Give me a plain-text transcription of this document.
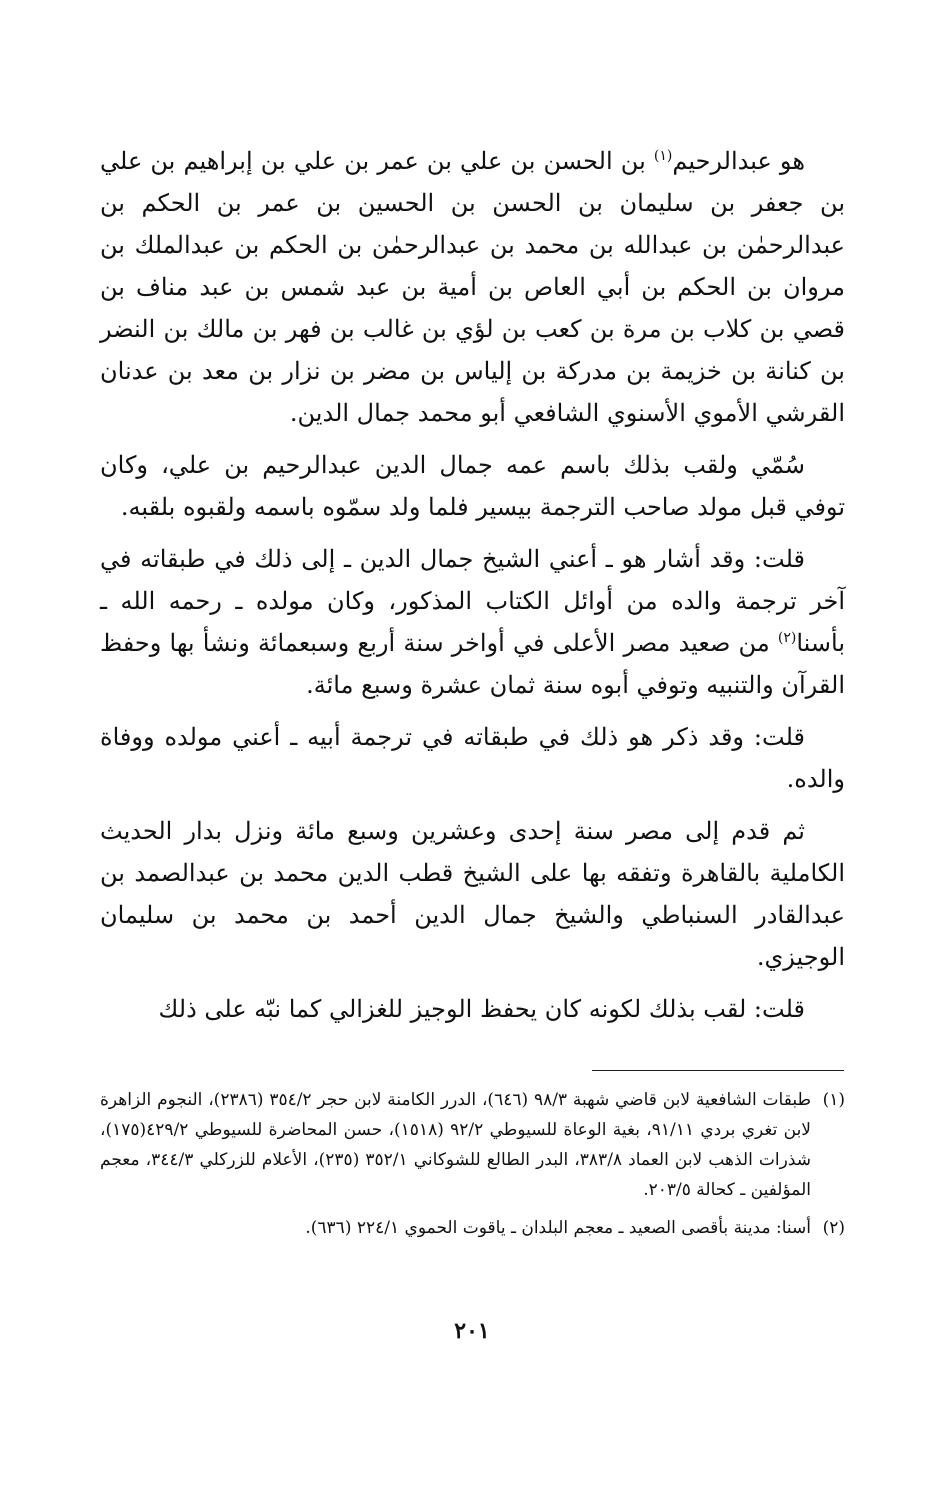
هو عبدالرحيم$^{(١)}$ بن الحسن بن علي بن عمر بن علي بن إبراهيم بن علي بن جعفر بن سليمان بن الحسن بن الحسين بن عمر بن الحكم بن عبدالرحمٰن بن عبدالله بن محمد بن عبدالرحمٰن بن الحكم بن عبدالملك بن مروان بن الحكم بن أبي العاص بن أمية بن عبد شمس بن عبد مناف بن قصي بن كلاب بن مرة بن كعب بن لؤي بن غالب بن فهر بن مالك بن النضر بن كنانة بن خزيمة بن مدركة بن إلياس بن مضر بن نزار بن معد بن عدنان القرشي الأموي الأسنوي الشافعي أبو محمد جمال الدين.

سُمّي ولقب بذلك باسم عمه جمال الدين عبدالرحيم بن علي، وكان توفي قبل مولد صاحب الترجمة بيسير فلما ولد سمّوه باسمه ولقبوه بلقبه.

قلت: وقد أشار هو ـ أعني الشيخ جمال الدين ـ إلى ذلك في طبقاته في آخر ترجمة والده من أوائل الكتاب المذكور، وكان مولده ـ رحمه الله ـ بأسنا$^{(٢)}$ من صعيد مصر الأعلى في أواخر سنة أربع وسبعمائة ونشأ بها وحفظ القرآن والتنبيه وتوفي أبوه سنة ثمان عشرة وسبع مائة.

قلت: وقد ذكر هو ذلك في طبقاته في ترجمة أبيه ـ أعني مولده ووفاة والده.

ثم قدم إلى مصر سنة إحدى وعشرين وسبع مائة ونزل بدار الحديث الكاملية بالقاهرة وتفقه بها على الشيخ قطب الدين محمد بن عبدالصمد بن عبدالقادر السنباطي والشيخ جمال الدين أحمد بن محمد بن سليمان الوجيزي.

قلت: لقب بذلك لكونه كان يحفظ الوجيز للغزالي كما نبّه على ذلك

(١)
طبقات الشافعية لابن قاضي شهبة ٩٨/٣ (٦٤٦)، الدرر الكامنة لابن حجر ٣٥٤/٢ (٢٣٨٦)، النجوم الزاهرة لابن تغري بردي ٩١/١١، بغية الوعاة للسيوطي ٩٢/٢ (١٥١٨)، حسن المحاضرة للسيوطي ٤٢٩/٢(١٧٥)، شذرات الذهب لابن العماد ٣٨٣/٨، البدر الطالع للشوكاني ٣٥٢/١ (٢٣٥)، الأعلام للزركلي ٣٤٤/٣، معجم المؤلفين ـ كحالة ٢٠٣/٥.
(٢)
أسنا: مدينة بأقصى الصعيد ـ معجم البلدان ـ ياقوت الحموي ٢٢٤/١ (٦٣٦).
٢٠١
